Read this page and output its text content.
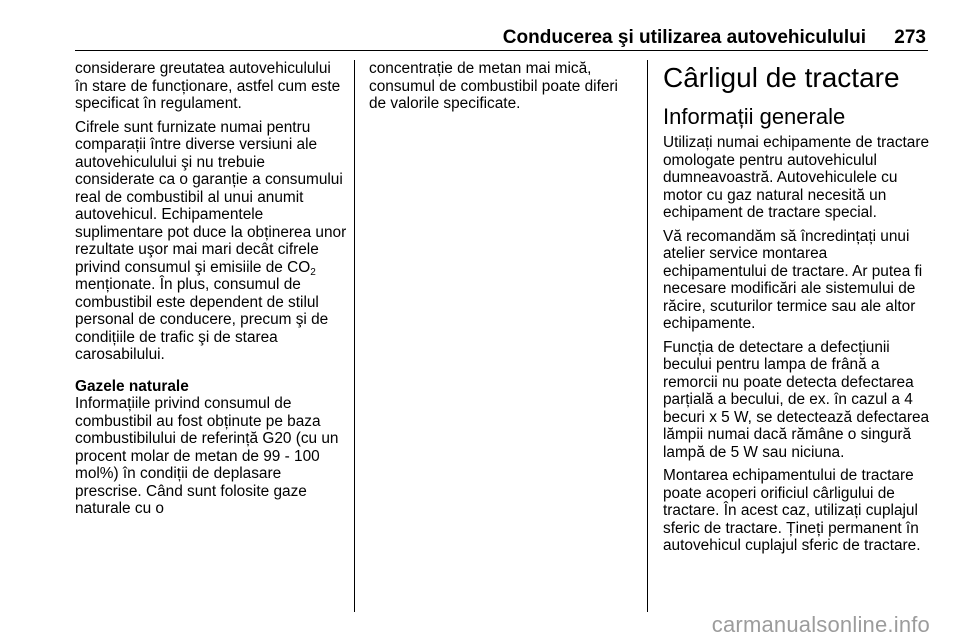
Conducerea şi utilizarea autovehiculului 273

considerare greutatea autovehiculului în stare de funcționare, astfel cum este specificat în regulament.

Cifrele sunt furnizate numai pentru comparații între diverse versiuni ale autovehiculului şi nu trebuie considerate ca o garanție a consumului real de combustibil al unui anumit autovehicul. Echipamentele suplimentare pot duce la obținerea unor rezultate uşor mai mari decât cifrele privind consumul şi emisiile de $CO_2$ menționate. În plus, consumul de combustibil este dependent de stilul personal de conducere, precum şi de condițiile de trafic şi de starea carosabilului.

Gazele naturale

Informațiile privind consumul de combustibil au fost obținute pe baza combustibilului de referință G20 (cu un procent molar de metan de 99 - 100 mol%) în condiții de deplasare prescrise. Când sunt folosite gaze naturale cu o

concentrație de metan mai mică, consumul de combustibil poate diferi de valorile specificate.

Cârligul de tractare
Informații generale

Utilizați numai echipamente de tractare omologate pentru autovehiculul dumneavoastră. Autovehiculele cu motor cu gaz natural necesită un echipament de tractare special.

Vă recomandăm să încredințați unui atelier service montarea echipamentului de tractare. Ar putea fi necesare modificări ale sistemului de răcire, scuturilor termice sau ale altor echipamente.

Funcția de detectare a defecțiunii becului pentru lampa de frână a remorcii nu poate detecta defectarea parțială a becului, de ex. în cazul a 4 becuri x 5 W, se detectează defectarea lămpii numai dacă rămâne o singură lampă de 5 W sau niciuna.

Montarea echipamentului de tractare poate acoperi orificiul cârligului de tractare. În acest caz, utilizați cuplajul sferic de tractare. Țineți permanent în autovehicul cuplajul sferic de tractare.

carmanualsonline.info
